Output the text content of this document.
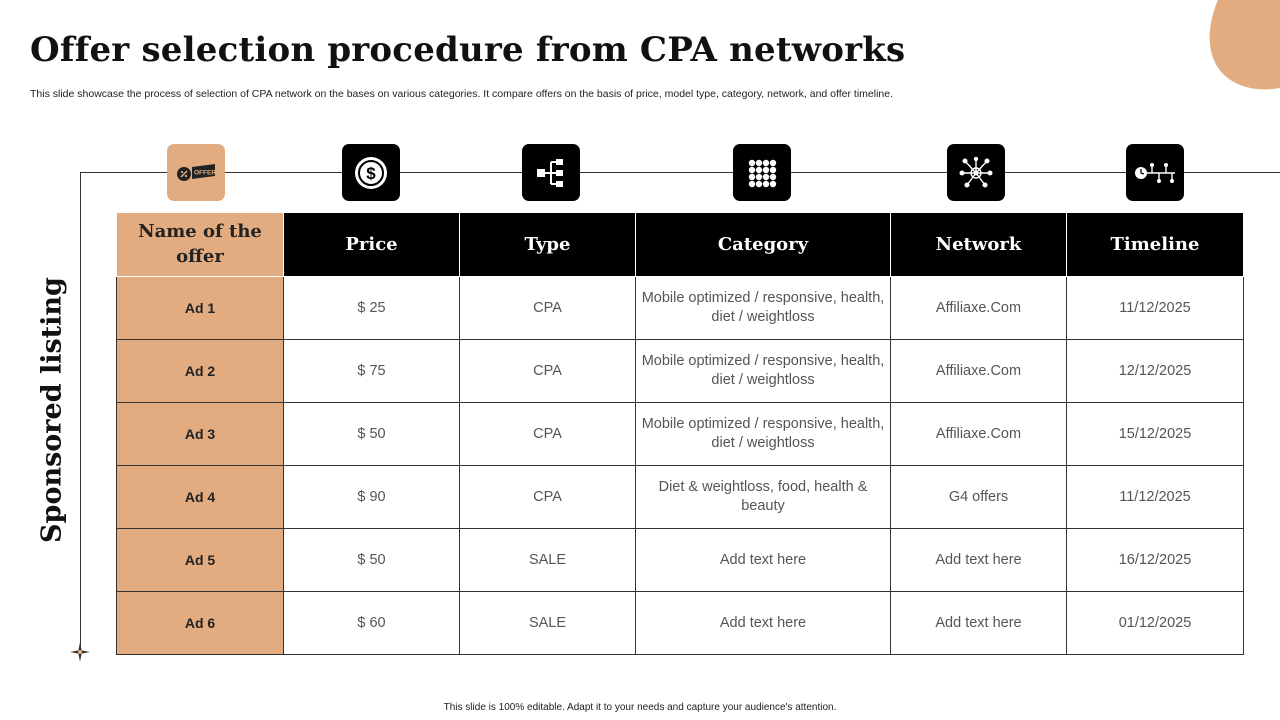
Offer selection procedure from CPA networks
This slide showcase the process of selection of CPA network on the bases on various categories. It compare offers on the basis of price, model type, category, network, and offer timeline.
Sponsored listing
OFFER	$
Name of the offer	Price	Type	Category	Network	Timeline
Ad 1	$ 25	CPA	Mobile optimized / responsive, health, diet / weightloss	Affiliaxe.Com	11/12/2025
Ad 2	$ 75	CPA	Mobile optimized / responsive, health, diet / weightloss	Affiliaxe.Com	12/12/2025
Ad 3	$ 50	CPA	Mobile optimized / responsive, health, diet / weightloss	Affiliaxe.Com	15/12/2025
Ad 4	$ 90	CPA	Diet & weightloss, food, health & beauty	G4 offers	11/12/2025
Ad 5	$ 50	SALE	Add text here	Add text here	16/12/2025
Ad 6	$ 60	SALE	Add text here	Add text here	01/12/2025
This slide is 100% editable. Adapt it to your needs and capture your audience's attention.
